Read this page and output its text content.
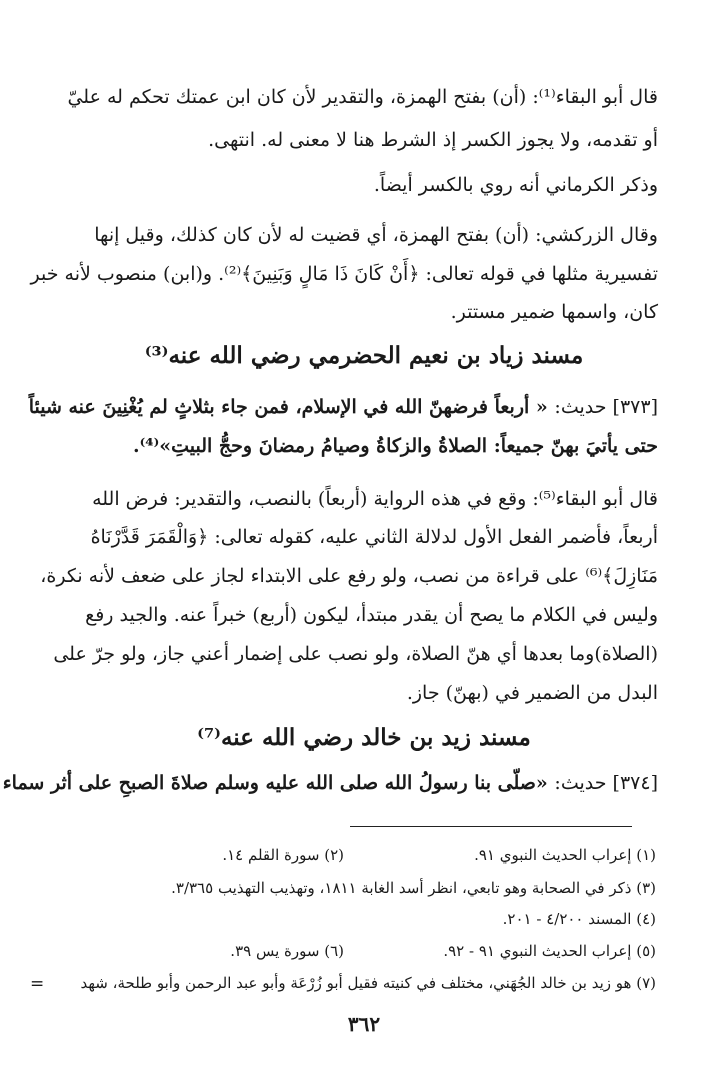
قال أبو البقاء⁽¹⁾: (أن) بفتح الهمزة، والتقدير لأن كان ابن عمتك تحكم له عليّ
أو تقدمه، ولا يجوز الكسر إذ الشرط هنا لا معنى له. انتهى.
وذكر الكرماني أنه روي بالكسر أيضاً.
وقال الزركشي: (أن) بفتح الهمزة، أي قضيت له لأن كان كذلك، وقيل إنها
تفسيرية مثلها في قوله تعالى: ﴿أَنْ كَانَ ذَا مَالٍ وَبَنِينَ﴾⁽²⁾. و(ابن) منصوب لأنه خبر
كان، واسمها ضمير مستتر.
مسند زياد بن نعيم الحضرمي رضي الله عنه⁽³⁾
[٣٧٣] حديث: « أربعاً فرضهنّ الله في الإسلام، فمن جاء بثلاثٍ لم يُغْنِينَ عنه شيئاً
حتى يأتيَ بهنّ جميعاً: الصلاةُ والزكاةُ وصيامُ رمضانَ وحجُّ البيتِ»⁽⁴⁾.
قال أبو البقاء⁽⁵⁾: وقع في هذه الرواية (أربعاً) بالنصب، والتقدير: فرض الله
أربعاً، فأضمر الفعل الأول لدلالة الثاني عليه، كقوله تعالى: ﴿وَالْقَمَرَ قَدَّرْنَاهُ
مَنَازِلَ﴾⁽⁶⁾ على قراءة من نصب، ولو رفع على الابتداء لجاز على ضعف لأنه نكرة،
وليس في الكلام ما يصح أن يقدر مبتدأ، ليكون (أربع) خبراً عنه. والجيد رفع
(الصلاة)وما بعدها أي هنّ الصلاة، ولو نصب على إضمار أعني جاز، ولو جرّ على
البدل من الضمير في (بهنّ) جاز.
مسند زيد بن خالد رضي الله عنه⁽⁷⁾
[٣٧٤] حديث: «صلّى بنا رسولُ الله صلى الله عليه وسلم صلاةَ الصبحِ على أثر سماء
(١) إعراب الحديث النبوي ٩١.
(٢) سورة القلم ١٤.
(٣) ذكر في الصحابة وهو تابعي، انظر أسد الغابة ١٨١١، وتهذيب التهذيب ٣/٣٦٥.
(٤) المسند ٤/٢٠٠ - ٢٠١.
(٥) إعراب الحديث النبوي ٩١ - ٩٢.
(٦) سورة يس ٣٩.
(٧) هو زيد بن خالد الجُهَني، مختلف في كنيته فقيل أبو زُرْعَة وأبو عبد الرحمن وأبو طلحة، شهد
=
٣٦٢
